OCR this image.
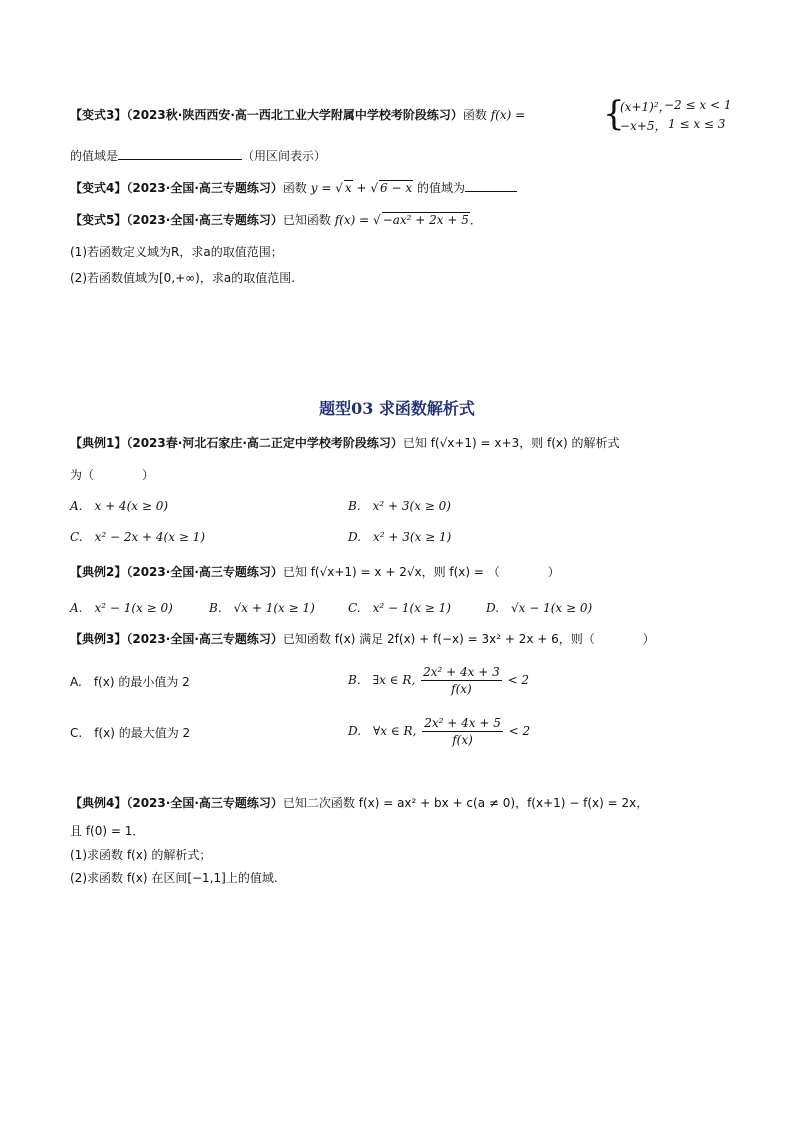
【变式3】（2023秋·陕西西安·高一西北工业大学附属中学校考阶段练习）函数 f(x) = {
(x+1)²，
−2 ≤ x < 1
−x+5， 1 ≤ x ≤ 3
的值域是	（用区间表示）
【变式4】（2023·全国·高三专题练习）函数 y = √ x + √ 6 − x 的值域为
【变式5】（2023·全国·高三专题练习）已知函数 f(x) = √ −ax² + 2x + 5．
(1)若函数定义域为R，求a的取值范围；
(2)若函数值域为[0,+∞)，求a的取值范围.
题型03 求函数解析式
【典例1】（2023春·河北石家庄·高二正定中学校考阶段练习）已知 f(√x+1) = x+3，则 f(x) 的解析式
为（　　　　）
A.　x + 4(x ≥ 0)	B.　x² + 3(x ≥ 0)
C.　x² − 2x + 4(x ≥ 1)	D.　x² + 3(x ≥ 1)
【典例2】（2023·全国·高三专题练习）已知 f(√x+1) = x + 2√x，则 f(x) = （　　　　）
A.　x² − 1(x ≥ 0)	B.　√x + 1(x ≥ 1)	C.　x² − 1(x ≥ 1)	D.　√x − 1(x ≥ 0)
【典例3】（2023·全国·高三专题练习）已知函数 f(x) 满足 2f(x) + f(−x) = 3x² + 2x + 6，则（　　　　）
A.　f(x) 的最小值为 2	B.　∃x ∈ R, $\frac{\text{2x² + 4x + 3}}{f(x)} < 2$
C.　f(x) 的最大值为 2	D.　∀x ∈ R, $\frac{\text{2x² + 4x + 5}}{f(x)} < 2$
【典例4】（2023·全国·高三专题练习）已知二次函数 f(x) = ax² + bx + c(a ≠ 0)，f(x+1) − f(x) = 2x，
且 f(0) = 1．
(1)求函数 f(x) 的解析式；
(2)求函数 f(x) 在区间[−1,1]上的值域.
